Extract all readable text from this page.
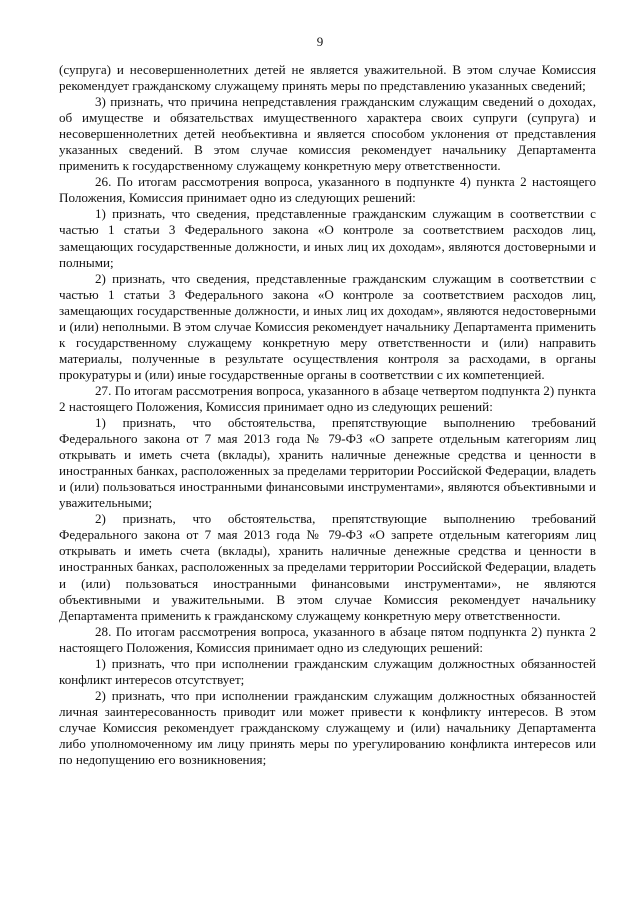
9

(супруга) и несовершеннолетних детей не является уважительной. В этом случае Комиссия рекомендует гражданскому служащему принять меры по представлению указанных сведений;

3) признать, что причина непредставления гражданским служащим сведений о доходах, об имуществе и обязательствах имущественного характера своих супруги (супруга) и несовершеннолетних детей необъективна и является способом уклонения от представления указанных сведений. В этом случае комиссия рекомендует начальнику Департамента применить к государственному служащему конкретную меру ответственности.

26. По итогам рассмотрения вопроса, указанного в подпункте 4) пункта 2 настоящего Положения, Комиссия принимает одно из следующих решений:

1) признать, что сведения, представленные гражданским служащим в соответствии с частью 1 статьи 3 Федерального закона «О контроле за соответствием расходов лиц, замещающих государственные должности, и иных лиц их доходам», являются достоверными и полными;

2) признать, что сведения, представленные гражданским служащим в соответствии с частью 1 статьи 3 Федерального закона «О контроле за соответствием расходов лиц, замещающих государственные должности, и иных лиц их доходам», являются недостоверными и (или) неполными. В этом случае Комиссия рекомендует начальнику Департамента применить к государственному служащему конкретную меру ответственности и (или) направить материалы, полученные в результате осуществления контроля за расходами, в органы прокуратуры и (или) иные государственные органы в соответствии с их компетенцией.

27. По итогам рассмотрения вопроса, указанного в абзаце четвертом подпункта 2) пункта 2 настоящего Положения, Комиссия принимает одно из следующих решений:

1) признать, что обстоятельства, препятствующие выполнению требований Федерального закона от 7 мая 2013 года № 79-ФЗ «О запрете отдельным категориям лиц открывать и иметь счета (вклады), хранить наличные денежные средства и ценности в иностранных банках, расположенных за пределами территории Российской Федерации, владеть и (или) пользоваться иностранными финансовыми инструментами», являются объективными и уважительными;

2) признать, что обстоятельства, препятствующие выполнению требований Федерального закона от 7 мая 2013 года № 79-ФЗ «О запрете отдельным категориям лиц открывать и иметь счета (вклады), хранить наличные денежные средства и ценности в иностранных банках, расположенных за пределами территории Российской Федерации, владеть и (или) пользоваться иностранными финансовыми инструментами», не являются объективными и уважительными. В этом случае Комиссия рекомендует начальнику Департамента применить к гражданскому служащему конкретную меру ответственности.

28. По итогам рассмотрения вопроса, указанного в абзаце пятом подпункта 2) пункта 2 настоящего Положения, Комиссия принимает одно из следующих решений:

1) признать, что при исполнении гражданским служащим должностных обязанностей конфликт интересов отсутствует;

2) признать, что при исполнении гражданским служащим должностных обязанностей личная заинтересованность приводит или может привести к конфликту интересов. В этом случае Комиссия рекомендует гражданскому служащему и (или) начальнику Департамента либо уполномоченному им лицу принять меры по урегулированию конфликта интересов или по недопущению его возникновения;
